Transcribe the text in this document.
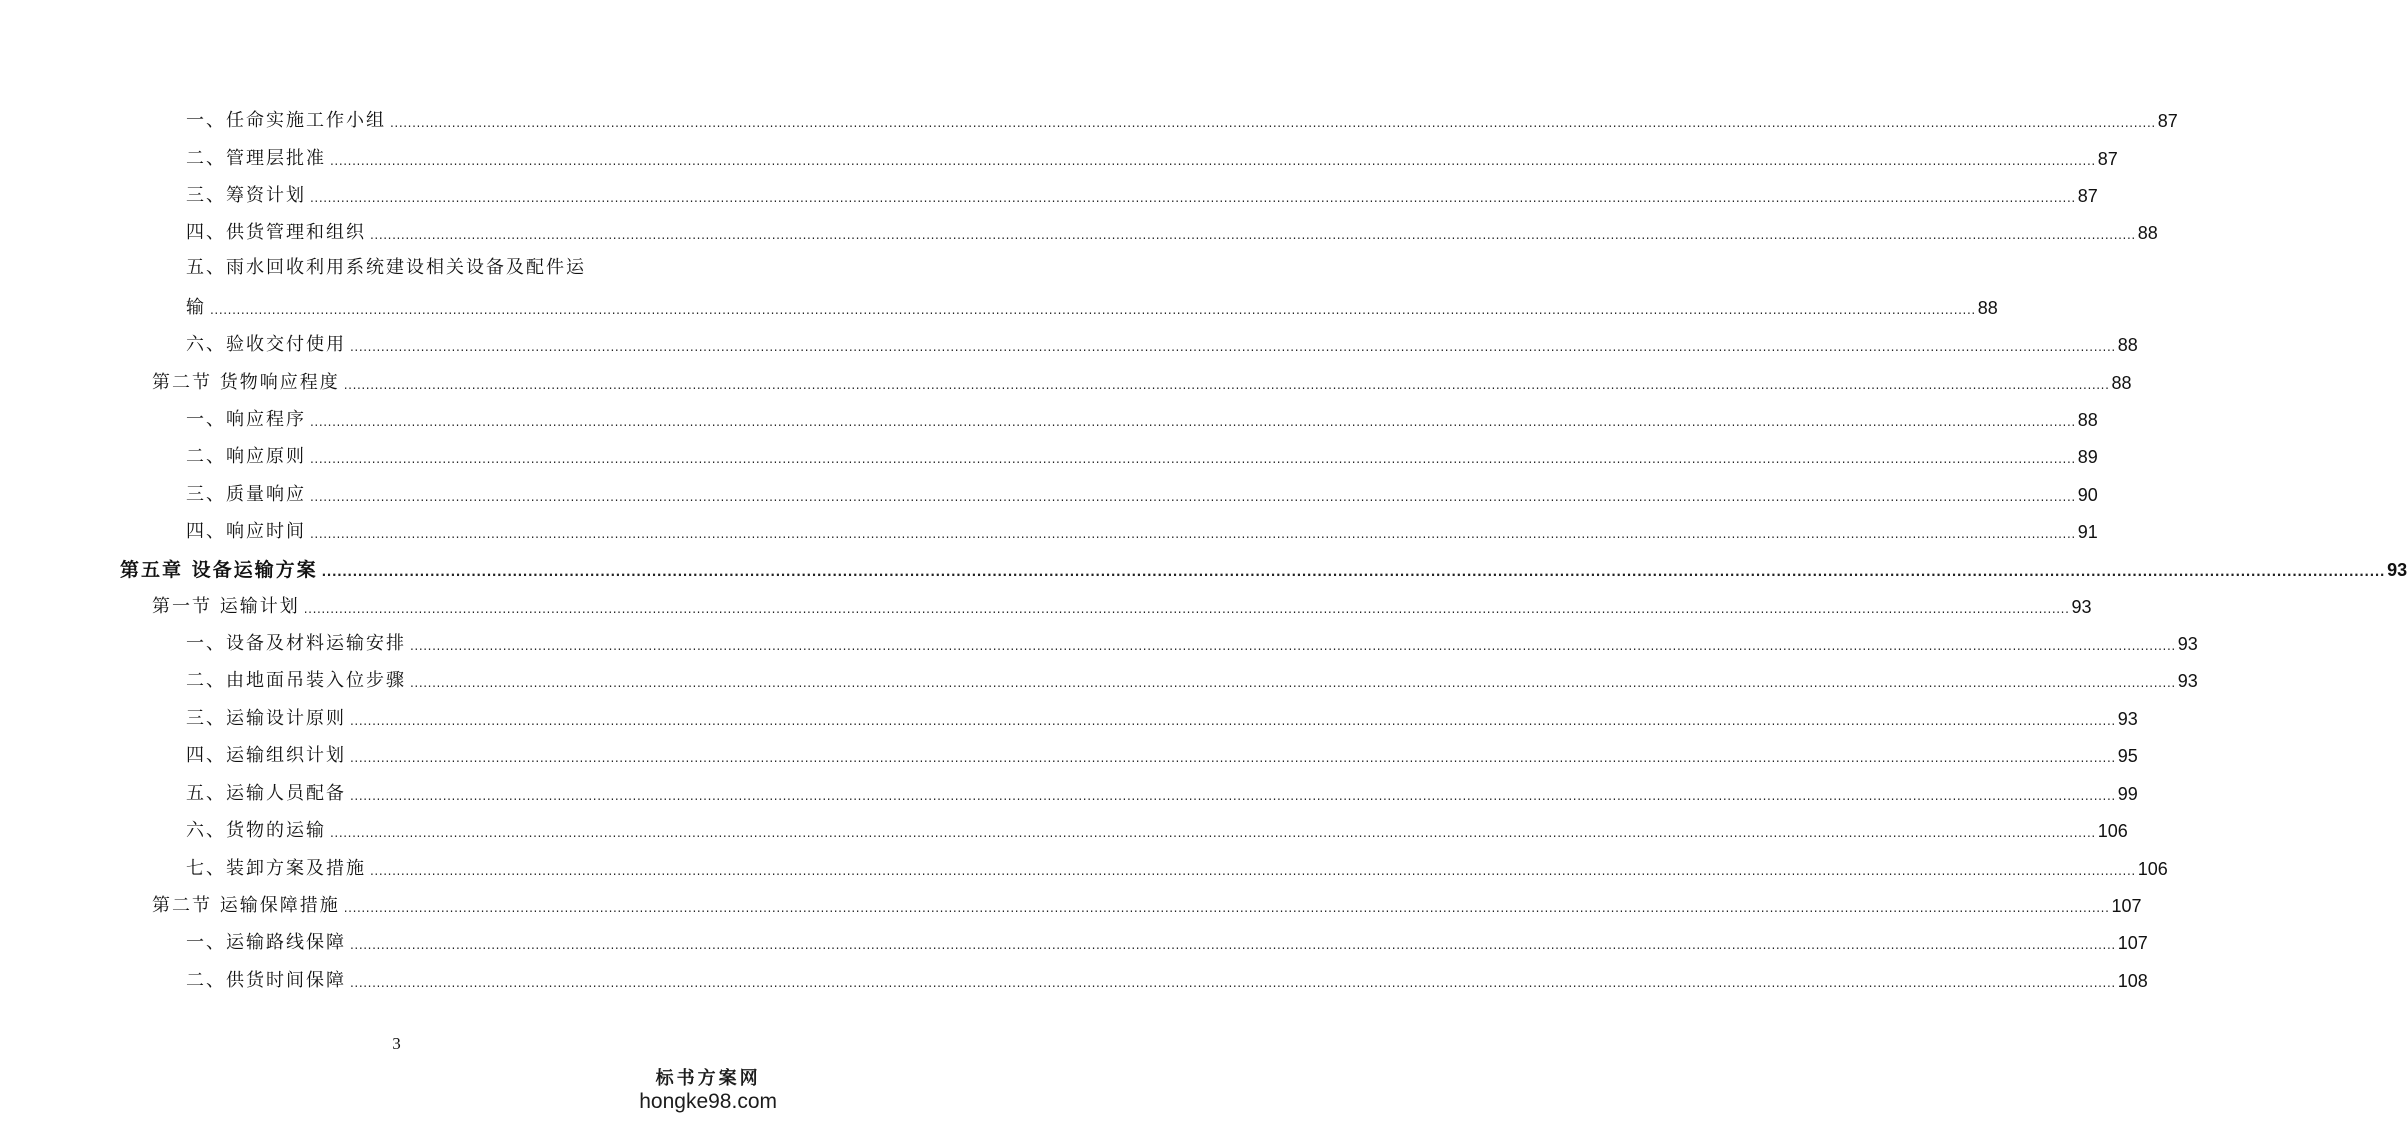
一、任命实施工作小组 ................................................................................................................................................................................................................................................................................................................................................................................................................ 87
二、管理层批准 ................................................................................................................................................................................................................................................................................................................................................................................................................ 87
三、筹资计划 ................................................................................................................................................................................................................................................................................................................................................................................................................ 87
四、供货管理和组织 ................................................................................................................................................................................................................................................................................................................................................................................................................ 88
五、雨水回收利用系统建设相关设备及配件运
输 ................................................................................................................................................................................................................................................................................................................................................................................................................ 88
六、验收交付使用 ................................................................................................................................................................................................................................................................................................................................................................................................................ 88
第二节 货物响应程度 ................................................................................................................................................................................................................................................................................................................................................................................................................ 88
一、响应程序 ................................................................................................................................................................................................................................................................................................................................................................................................................ 88
二、响应原则 ................................................................................................................................................................................................................................................................................................................................................................................................................ 89
三、质量响应 ................................................................................................................................................................................................................................................................................................................................................................................................................ 90
四、响应时间 ................................................................................................................................................................................................................................................................................................................................................................................................................ 91
第五章 设备运输方案 ................................................................................................................................................................................................................................................................................................................................................................................................................ 93
第一节 运输计划 ................................................................................................................................................................................................................................................................................................................................................................................................................ 93
一、设备及材料运输安排 ................................................................................................................................................................................................................................................................................................................................................................................................................ 93
二、由地面吊装入位步骤 ................................................................................................................................................................................................................................................................................................................................................................................................................ 93
三、运输设计原则 ................................................................................................................................................................................................................................................................................................................................................................................................................ 93
四、运输组织计划 ................................................................................................................................................................................................................................................................................................................................................................................................................ 95
五、运输人员配备 ................................................................................................................................................................................................................................................................................................................................................................................................................ 99
六、货物的运输 ................................................................................................................................................................................................................................................................................................................................................................................................................ 106
七、装卸方案及措施 ................................................................................................................................................................................................................................................................................................................................................................................................................ 106
第二节 运输保障措施 ................................................................................................................................................................................................................................................................................................................................................................................................................ 107
一、运输路线保障 ................................................................................................................................................................................................................................................................................................................................................................................................................ 107
二、供货时间保障 ................................................................................................................................................................................................................................................................................................................................................................................................................ 108
3
标书方案网
hongke98.com
